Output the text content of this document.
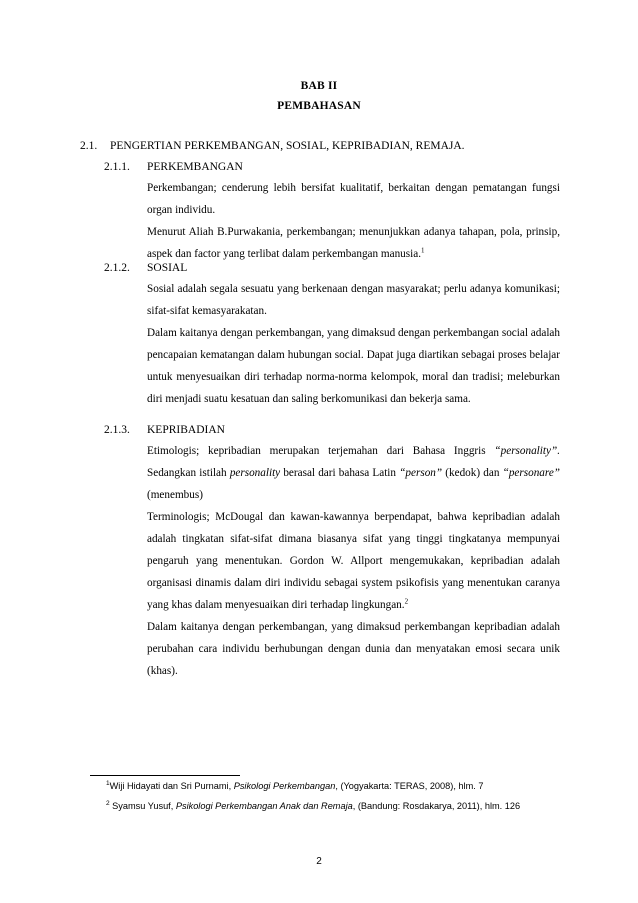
BAB II
PEMBAHASAN
2.1. PENGERTIAN PERKEMBANGAN, SOSIAL, KEPRIBADIAN, REMAJA.
2.1.1. PERKEMBANGAN

Perkembangan; cenderung lebih bersifat kualitatif, berkaitan dengan pematangan fungsi organ individu.

Menurut Aliah B.Purwakania, perkembangan; menunjukkan adanya tahapan, pola, prinsip, aspek dan factor yang terlibat dalam perkembangan manusia.$^1$

2.1.2. SOSIAL

Sosial adalah segala sesuatu yang berkenaan dengan masyarakat; perlu adanya komunikasi; sifat-sifat kemasyarakatan.

Dalam kaitanya dengan perkembangan, yang dimaksud dengan perkembangan social adalah pencapaian kematangan dalam hubungan social. Dapat juga diartikan sebagai proses belajar untuk menyesuaikan diri terhadap norma-norma kelompok, moral dan tradisi; meleburkan diri menjadi suatu kesatuan dan saling berkomunikasi dan bekerja sama.

2.1.3. KEPRIBADIAN

Etimologis; kepribadian merupakan terjemahan dari Bahasa Inggris “personality”. Sedangkan istilah personality berasal dari bahasa Latin “person” (kedok) dan “personare” (menembus)

Terminologis; McDougal dan kawan-kawannya berpendapat, bahwa kepribadian adalah adalah tingkatan sifat-sifat dimana biasanya sifat yang tinggi tingkatanya mempunyai pengaruh yang menentukan. Gordon W. Allport mengemukakan, kepribadian adalah organisasi dinamis dalam diri individu sebagai system psikofisis yang menentukan caranya yang khas dalam menyesuaikan diri terhadap lingkungan.$^2$

Dalam kaitanya dengan perkembangan, yang dimaksud perkembangan kepribadian adalah perubahan cara individu berhubungan dengan dunia dan menyatakan emosi secara unik (khas).

$^1$Wiji Hidayati dan Sri Purnami, Psikologi Perkembangan, (Yogyakarta: TERAS, 2008), hlm. 7
$^2$ Syamsu Yusuf, Psikologi Perkembangan Anak dan Remaja, (Bandung: Rosdakarya, 2011), hlm. 126
2
